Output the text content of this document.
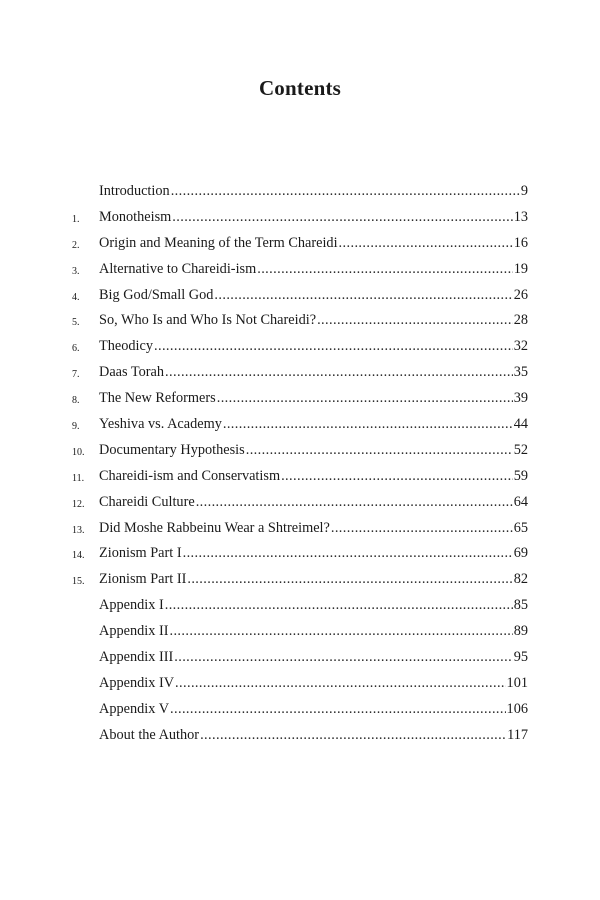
Contents
Introduction .....	9
1.	Monotheism .....	13
2.	Origin and Meaning of the Term Chareidi .....	16
3.	Alternative to Chareidi-ism .....	19
4.	Big God/Small God .....	26
5.	So, Who Is and Who Is Not Chareidi? .....	28
6.	Theodicy .....	32
7.	Daas Torah .....	35
8.	The New Reformers .....	39
9.	Yeshiva vs. Academy .....	44
10.	Documentary Hypothesis .....	52
11.	Chareidi-ism and Conservatism .....	59
12.	Chareidi Culture .....	64
13.	Did Moshe Rabbeinu Wear a Shtreimel? .....	65
14.	Zionism Part I .....	69
15.	Zionism Part II .....	82
Appendix I .....	85
Appendix II .....	89
Appendix III .....	95
Appendix IV .....	101
Appendix V .....	106
About the Author .....	117
